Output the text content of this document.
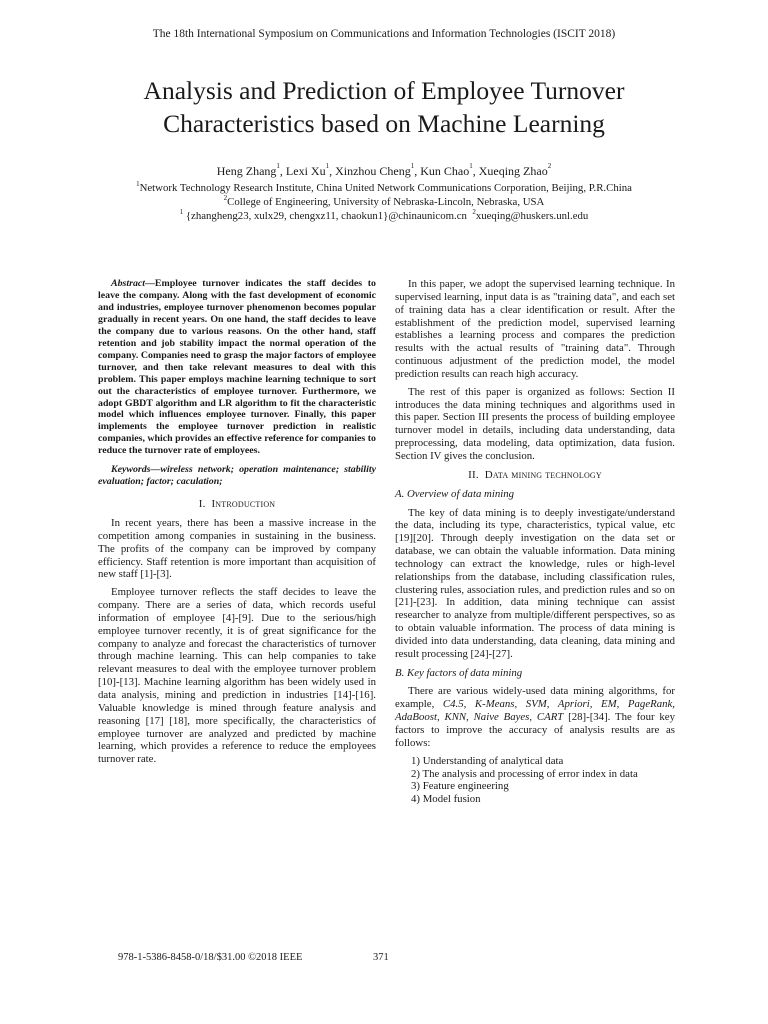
The 18th International Symposium on Communications and Information Technologies (ISCIT 2018)
Analysis and Prediction of Employee Turnover
Characteristics based on Machine Learning
Heng Zhang$^1$, Lexi Xu$^1$, Xinzhou Cheng$^1$, Kun Chao$^1$, Xueqing Zhao$^2$
$^1$Network Technology Research Institute, China United Network Communications Corporation, Beijing, P.R.China
$^2$College of Engineering, University of Nebraska-Lincoln, Nebraska, USA
$^1$ {zhangheng23, xulx29, chengxz11, chaokun1}@chinaunicom.cn $^2$xueqing@huskers.unl.edu

Abstract—Employee turnover indicates the staff decides to leave the company. Along with the fast development of economic and industries, employee turnover phenomenon becomes popular gradually in recent years. On one hand, the staff decides to leave the company due to various reasons. On the other hand, staff retention and job stability impact the normal operation of the company. Companies need to grasp the major factors of employee turnover, and then take relevant measures to deal with this problem. This paper employs machine learning technique to sort out the characteristics of employee turnover. Furthermore, we adopt GBDT algorithm and LR algorithm to fit the characteristic model which influences employee turnover. Finally, this paper implements the employee turnover prediction in realistic companies, which provides an effective reference for companies to reduce the turnover rate of employees.

Keywords—wireless network; operation maintenance; stability evaluation; factor; caculation;

I. Introduction

In recent years, there has been a massive increase in the competition among companies in sustaining in the business. The profits of the company can be improved by company efficiency. Staff retention is more important than acquisition of new staff [1]-[3].

Employee turnover reflects the staff decides to leave the company. There are a series of data, which records useful information of employee [4]-[9]. Due to the serious/high employee turnover recently, it is of great significance for the company to analyze and forecast the characteristics of turnover through machine learning. This can help companies to take relevant measures to deal with the employee turnover problem [10]-[13]. Machine learning algorithm has been widely used in data analysis, mining and prediction in industries [14]-[16]. Valuable knowledge is mined through feature analysis and reasoning [17] [18], more specifically, the characteristics of employee turnover are analyzed and predicted by machine learning, which provides a reference to reduce the employees turnover rate.

In this paper, we adopt the supervised learning technique. In supervised learning, input data is as "training data", and each set of training data has a clear identification or result. After the establishment of the prediction model, supervised learning establishes a learning process and compares the prediction results with the actual results of "training data". Through continuous adjustment of the prediction model, the model prediction results can reach high accuracy.

The rest of this paper is organized as follows: Section II introduces the data mining techniques and algorithms used in this paper. Section III presents the process of building employee turnover model in details, including data understanding, data preprocessing, data modeling, data optimization, data fusion. Section IV gives the conclusion.

II. Data mining technology
A. Overview of data mining

The key of data mining is to deeply investigate/understand the data, including its type, characteristics, typical value, etc [19][20]. Through deeply investigation on the data set or database, we can obtain the valuable information. Data mining technology can extract the knowledge, rules or high-level relationships from the database, including classification rules, clustering rules, association rules, and prediction rules and so on [21]-[23]. In addition, data mining technique can assist researcher to analyze from multiple/different perspectives, so as to obtain valuable information. The process of data mining is divided into data understanding, data cleaning, data mining and result processing [24]-[27].

B. Key factors of data mining

There are various widely-used data mining algorithms, for example, C4.5, K-Means, SVM, Apriori, EM, PageRank, AdaBoost, KNN, Naive Bayes, CART [28]-[34]. The four key factors to improve the accuracy of analysis results are as follows:

1) Understanding of analytical data
2) The analysis and processing of error index in data
3) Feature engineering
4) Model fusion
978-1-5386-8458-0/18/$31.00 ©2018 IEEE	371
